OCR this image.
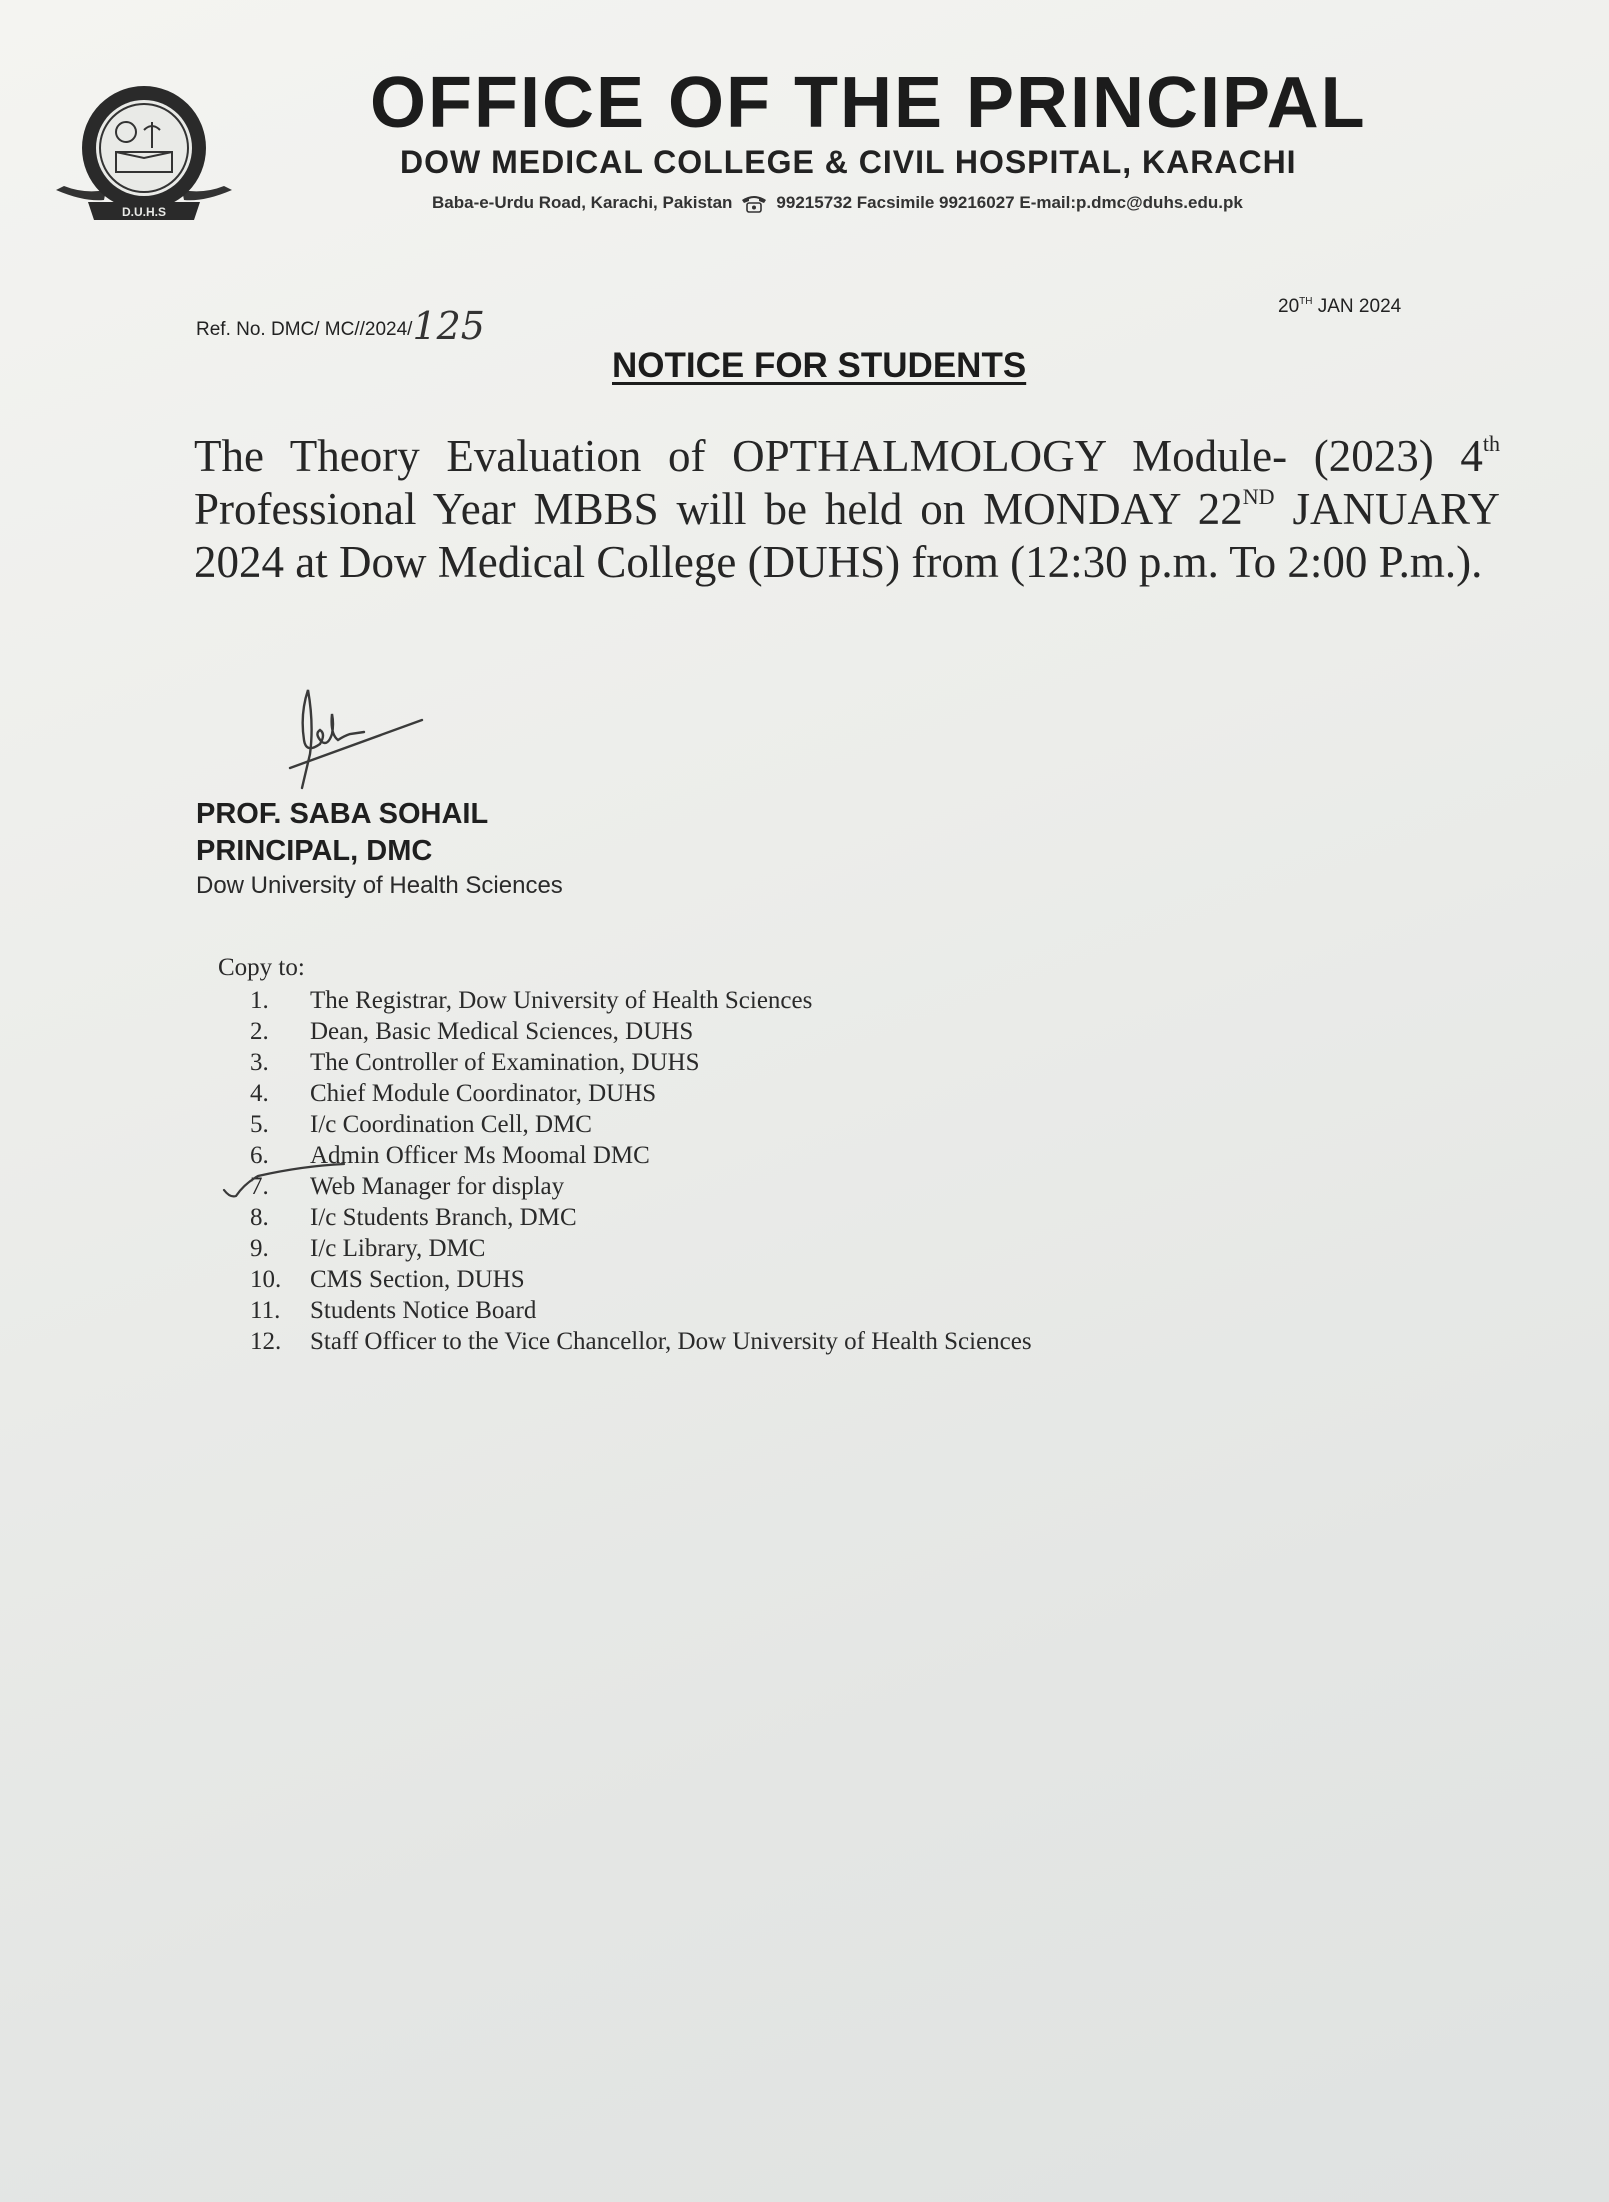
D.U.H.S
OFFICE OF THE PRINCIPAL
DOW MEDICAL COLLEGE & CIVIL HOSPITAL, KARACHI
Baba-e-Urdu Road, Karachi, Pakistan	99215732 Facsimile 99216027 E-mail:p.dmc@duhs.edu.pk
Ref. No. DMC/ MC//2024/125	20TH JAN 2024
NOTICE FOR STUDENTS
The Theory Evaluation of OPTHALMOLOGY Module- (2023) 4th Professional Year MBBS will be held on MONDAY 22ND JANUARY 2024 at Dow Medical College (DUHS) from (12:30 p.m. To 2:00 P.m.).
PROF. SABA SOHAIL
PRINCIPAL, DMC
Dow University of Health Sciences
Copy to:
1.	The Registrar, Dow University of Health Sciences
2.	Dean, Basic Medical Sciences, DUHS
3.	The Controller of Examination, DUHS
4.	Chief Module Coordinator, DUHS
5.	I/c Coordination Cell, DMC
6.	Admin Officer Ms Moomal DMC
7.	Web Manager for display
8.	I/c Students Branch, DMC
9.	I/c Library, DMC
10.	CMS Section, DUHS
11.	Students Notice Board
12.	Staff Officer to the Vice Chancellor, Dow University of Health Sciences
